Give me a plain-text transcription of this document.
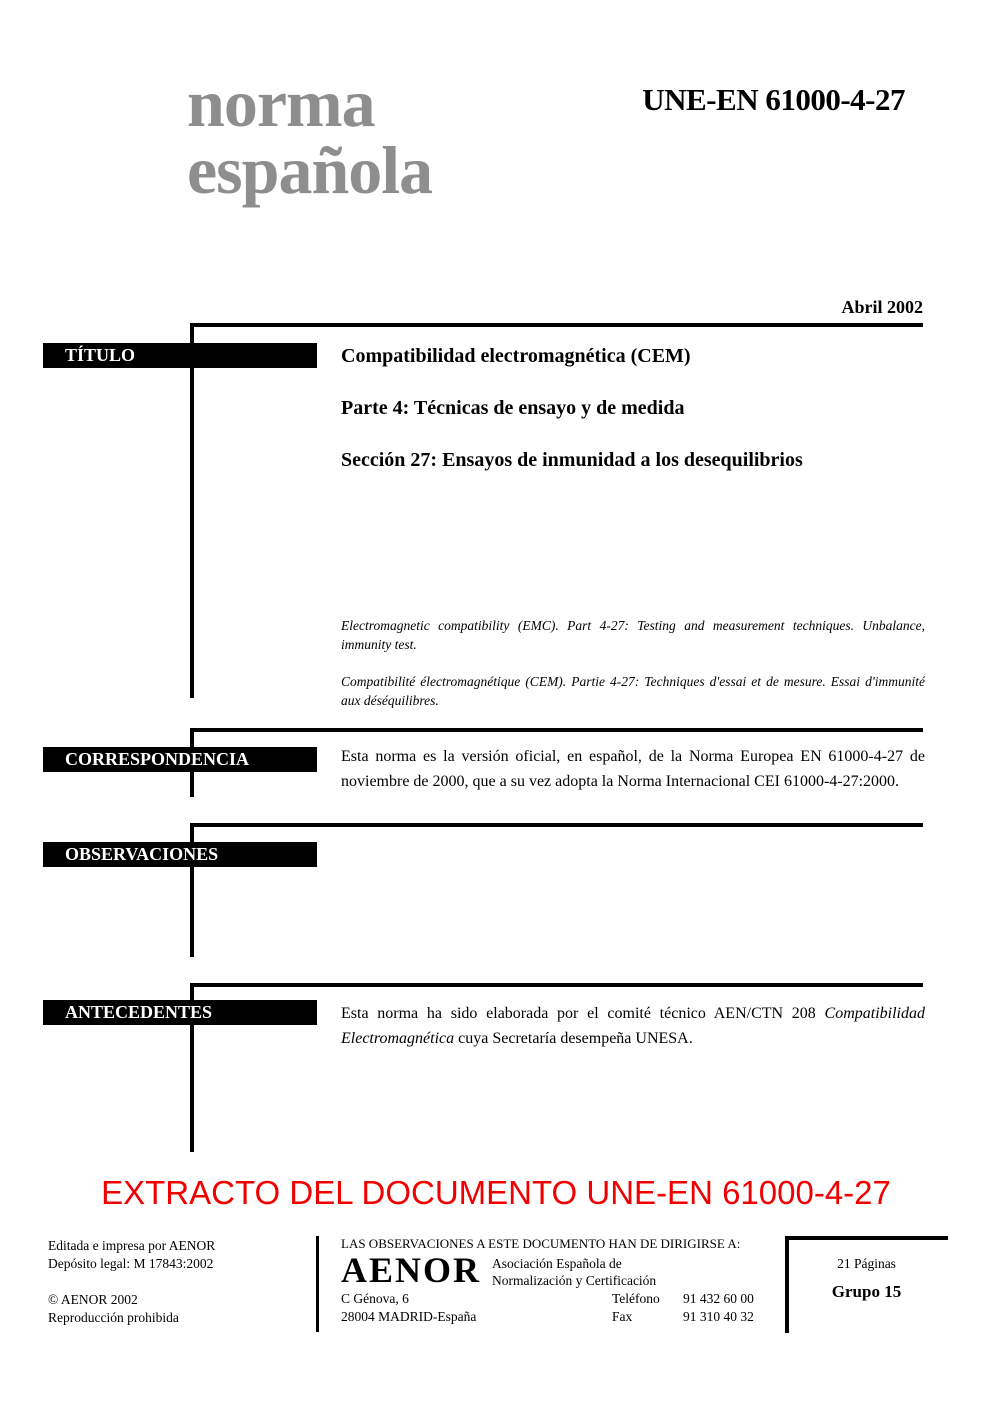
norma
española
UNE-EN 61000-4-27
Abril 2002
TÍTULO	Compatibilidad electromagnética (CEM)
Parte 4: Técnicas de ensayo y de medida
Sección 27: Ensayos de inmunidad a los desequilibrios

Electromagnetic compatibility (EMC). Part 4-27: Testing and measurement techniques. Unbalance, immunity test.

Compatibilité électromagnétique (CEM). Partie 4-27: Techniques d'essai et de mesure. Essai d'immunité aux déséquilibres.

CORRESPONDENCIA	Esta norma es la versión oficial, en español, de la Norma Europea EN 61000-4-27 de noviembre de 2000, que a su vez adopta la Norma Internacional CEI 61000-4-27:2000.
OBSERVACIONES
ANTECEDENTES	Esta norma ha sido elaborada por el comité técnico AEN/CTN 208 Compatibilidad Electromagnética cuya Secretaría desempeña UNESA.
EXTRACTO DEL DOCUMENTO UNE-EN 61000-4-27
Editada e impresa por AENOR
Depósito legal: M 17843:2002
© AENOR 2002
Reproducción prohibida
LAS OBSERVACIONES A ESTE DOCUMENTO HAN DE DIRIGIRSE A:
AENOR Asociación Española de
Normalización y Certificación
C Génova, 6
28004 MADRID-España
Teléfono 91 432 60 00
Fax	91 310 40 32
21 Páginas
Grupo 15
